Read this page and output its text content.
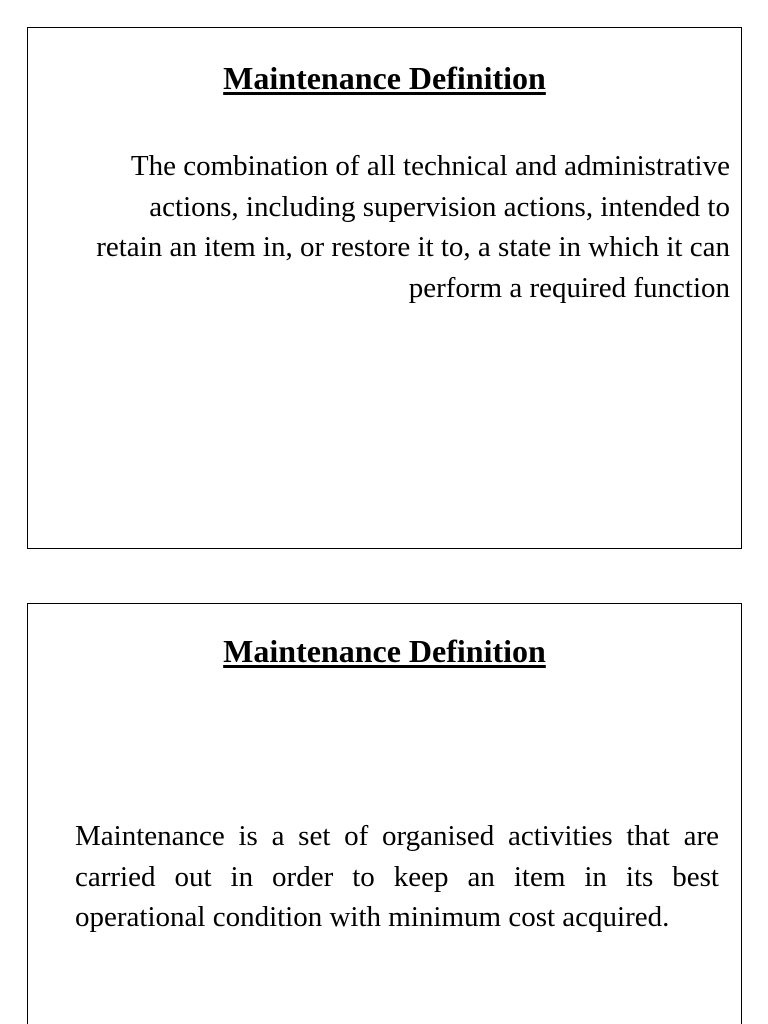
Maintenance Definition

The combination of all technical and administrative actions, including supervision actions, intended to retain an item in, or restore it to, a state in which it can perform a required function

Maintenance Definition

Maintenance is a set of organised activities that are carried out in order to keep an item in its best operational condition with minimum cost acquired.
